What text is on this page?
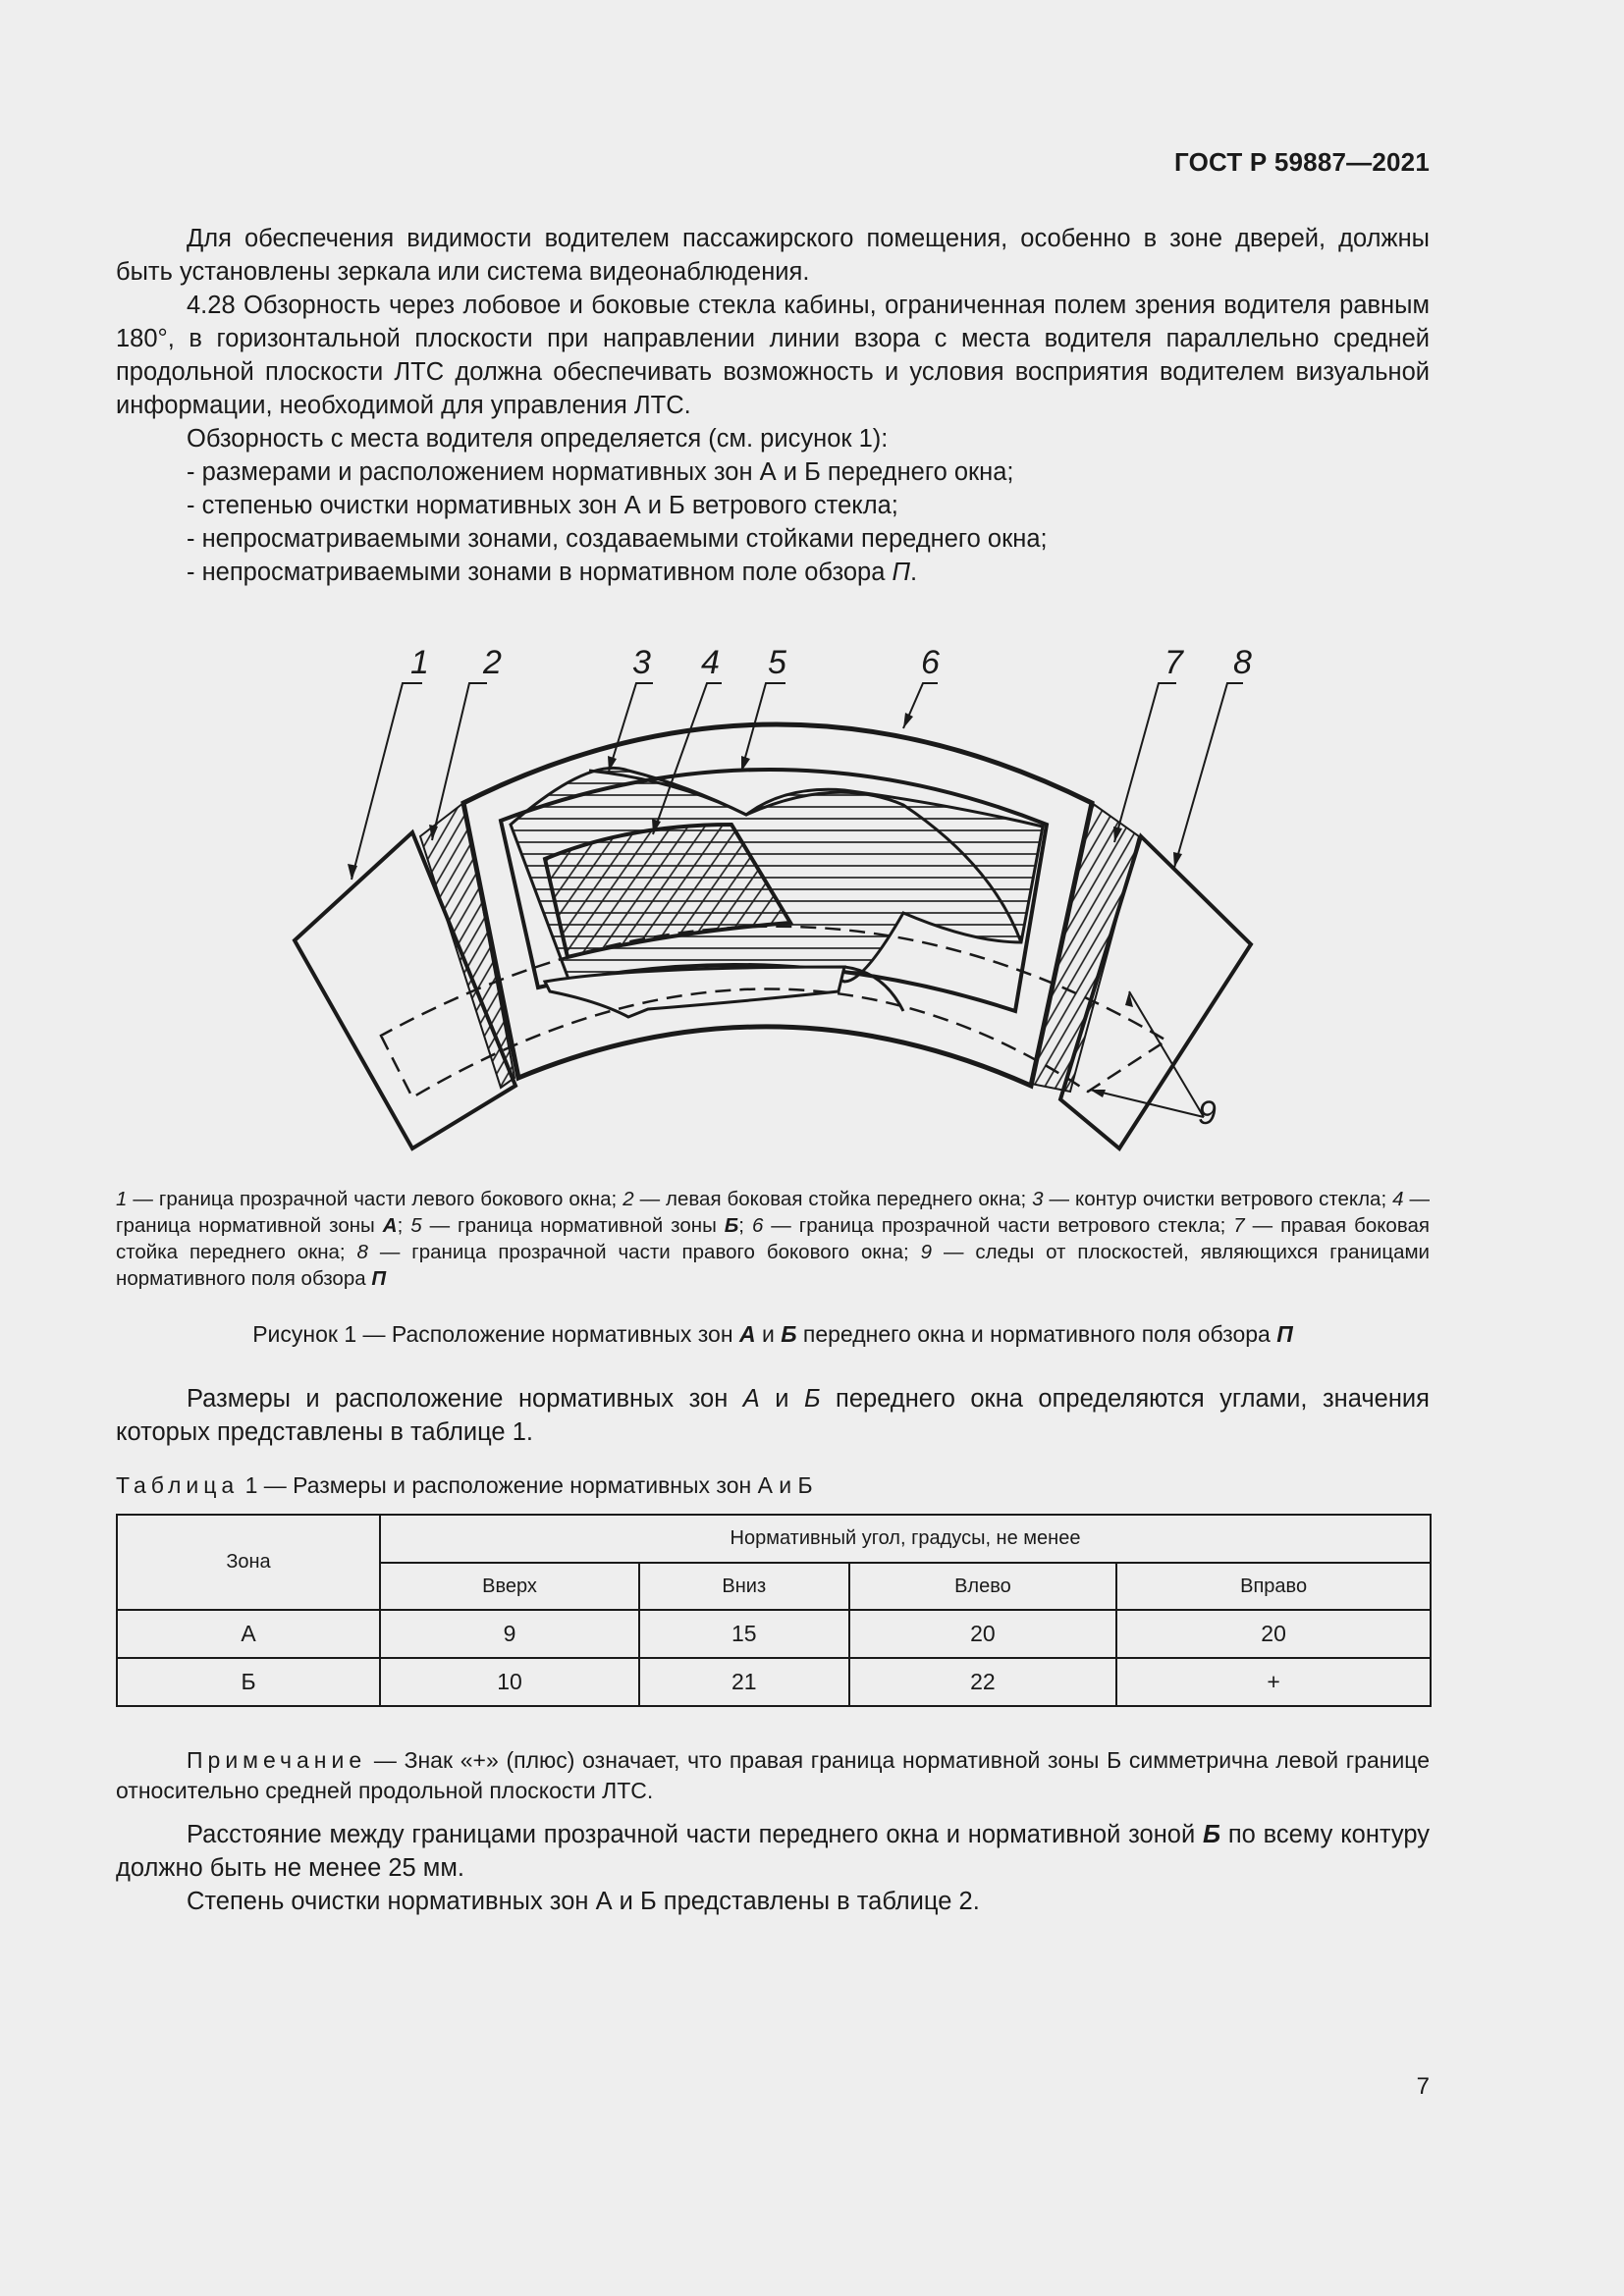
ГОСТ Р 59887—2021

Для обеспечения видимости водителем пассажирского помещения, особенно в зоне дверей, должны быть установлены зеркала или система видеонаблюдения.

4.28 Обзорность через лобовое и боковые стекла кабины, ограниченная полем зрения водителя равным 180°, в горизонтальной плоскости при направлении линии взора с места водителя параллельно средней продольной плоскости ЛТС должна обеспечивать возможность и условия восприятия водителем визуальной информации, необходимой для управления ЛТС.

Обзорность с места водителя определяется (см. рисунок 1):

- размерами и расположением нормативных зон А и Б переднего окна;

- степенью очистки нормативных зон А и Б ветрового стекла;

- непросматриваемыми зонами, создаваемыми стойками переднего окна;

- непросматриваемыми зонами в нормативном поле обзора П.

1 2	3 4 5	6	7 8
9
1 — граница прозрачной части левого бокового окна; 2 — левая боковая стойка переднего окна; 3 — контур очистки ветрового стекла; 4 — граница нормативной зоны А; 5 — граница нормативной зоны Б; 6 — граница прозрачной части ветрового стекла; 7 — правая боковая стойка переднего окна; 8 — граница прозрачной части правого бокового окна; 9 — следы от плоскостей, являющихся границами нормативного поля обзора П
Рисунок 1 — Расположение нормативных зон А и Б переднего окна и нормативного поля обзора П

Размеры и расположение нормативных зон А и Б переднего окна определяются углами, значения которых представлены в таблице 1.

Таблица 1 — Размеры и расположение нормативных зон А и Б
Зона	Нормативный угол, градусы, не менее			
	Вверх	Вниз	Влево	Вправо
А	9	15	20	20
Б	10	21	22	+

Примечание — Знак «+» (плюс) означает, что правая граница нормативной зоны Б симметрична левой границе относительно средней продольной плоскости ЛТС.

Расстояние между границами прозрачной части переднего окна и нормативной зоной Б по всему контуру должно быть не менее 25 мм.

Степень очистки нормативных зон А и Б представлены в таблице 2.

7
